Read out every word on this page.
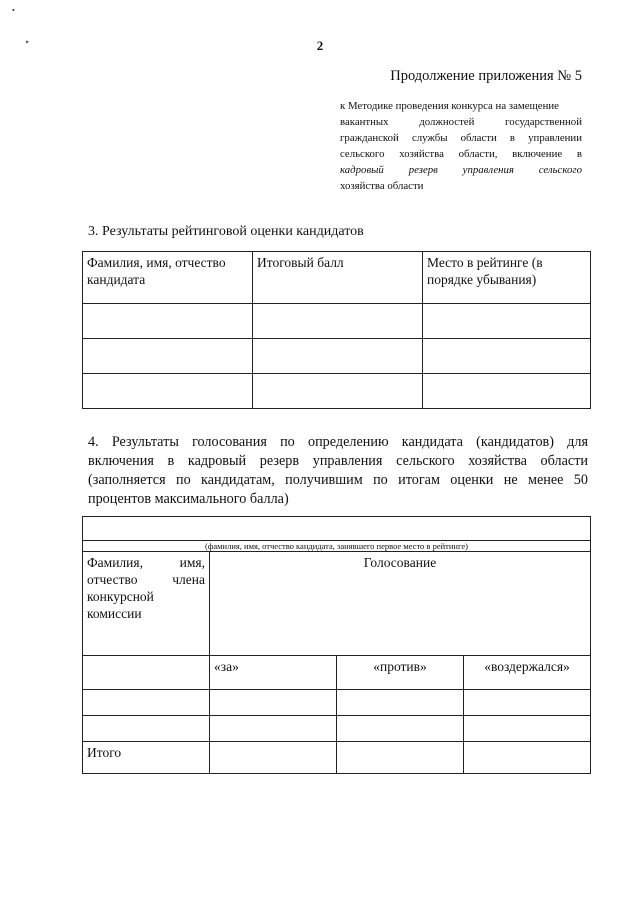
•
‣	2
Продолжение приложения № 5
к Методике проведения конкурса на замещение
вакантных должностей государственной
гражданской службы области в управлении
сельского хозяйства области, включение в
кадровый резерв управления сельского
хозяйства области
3. Результаты рейтинговой оценки кандидатов
Фамилия, имя, отчество кандидата	Итоговый балл	Место в рейтинге (в порядке убывания)

4. Результаты голосования по определению кандидата (кандидатов) для включения в кадровый резерв управления сельского хозяйства области (заполняется по кандидатам, получившим по итогам оценки не менее 50 процентов максимального балла)

(фамилия, имя, отчество кандидата, занявшего первое место в рейтинге)			
Фамилия, имя, отчество члена конкурсной комиссии	Голосование		
	«за»	«против»	«воздержался»

Итого			
